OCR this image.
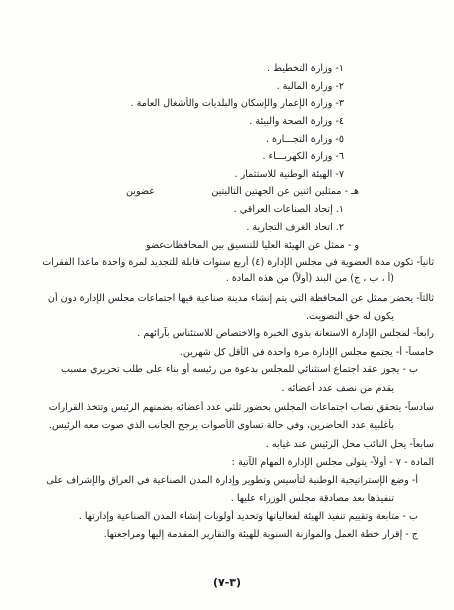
١- وزارة التخطيط .
٢- وزارة المالية .
٣- وزارة الإعمار والإسكان والبلديات والأشغال العامة .
٤- وزارة الصحة والبيئة .
٥- وزارة التجـــارة .
٦- وزارة الكهربـــاء .
٧- الهيئة الوطنية للاستثمار .
هـ - ممثلين اثنين عن الجهتين التاليتين
عضوين
١. إتحاد الصناعات العراقي .
٢. اتحاد الغرف التجارية .
و - ممثل عن الهيئة العليا للتنسيق بين المحافظات
عضو
ثانياً- تكون مدة العضوية في مجلس الإدارة (٤) أربع سنوات قابلة للتجديد لمرة واحدة ماعدا الفقرات
(أ ، ب ، ج) من البند (أولاً) من هذه المادة .
ثالثاً- يحضر ممثل عن المحافظة التي يتم إنشاء مدينة صناعية فيها اجتماعات مجلس الإدارة دون أن
يكون له حق التصويت.
رابعاً- لمجلس الإدارة الاستعانة بذوي الخبرة والاختصاص للاستئناس بآرائهم .
خامساً- أ- يجتمع مجلس الإدارة مرة واحدة في الأقل كل شهرين.
ب - يجوز عقد اجتماع استثنائي للمجلس بدعوة من رئيسه أو بناء على طلب تحريري مسبب
يقدم من نصف عدد أعضائه .
سادساً- يتحقق نصاب اجتماعات المجلس بحضور ثلثي عدد أعضائه بضمنهم الرئيس وتتخذ القرارات
بأغلبية عدد الحاضرين، وفي حالة تساوي الأصوات يرجح الجانب الذي صوت معه الرئيس.
سابعاً- يحل النائب محل الرئيس عند غيابه .
المادة - ٧ - أولاً- يتولى مجلس الإدارة المهام الآتية :
أ- وضع الإستراتيجية الوطنية لتأسيس وتطوير وإدارة المدن الصناعية في العراق والإشراف على
تنفيذها بعد مصادقة مجلس الوزراء عليها .
ب - متابعة وتقييم تنفيذ الهيئة لفعالياتها وتحديد أولويات إنشاء المدن الصناعية وإدارتها .
ج - إقرار خطة العمل والموازنة السنوية للهيئة والتقارير المقدمة إليها ومراجعتها.
(٣-٧)
